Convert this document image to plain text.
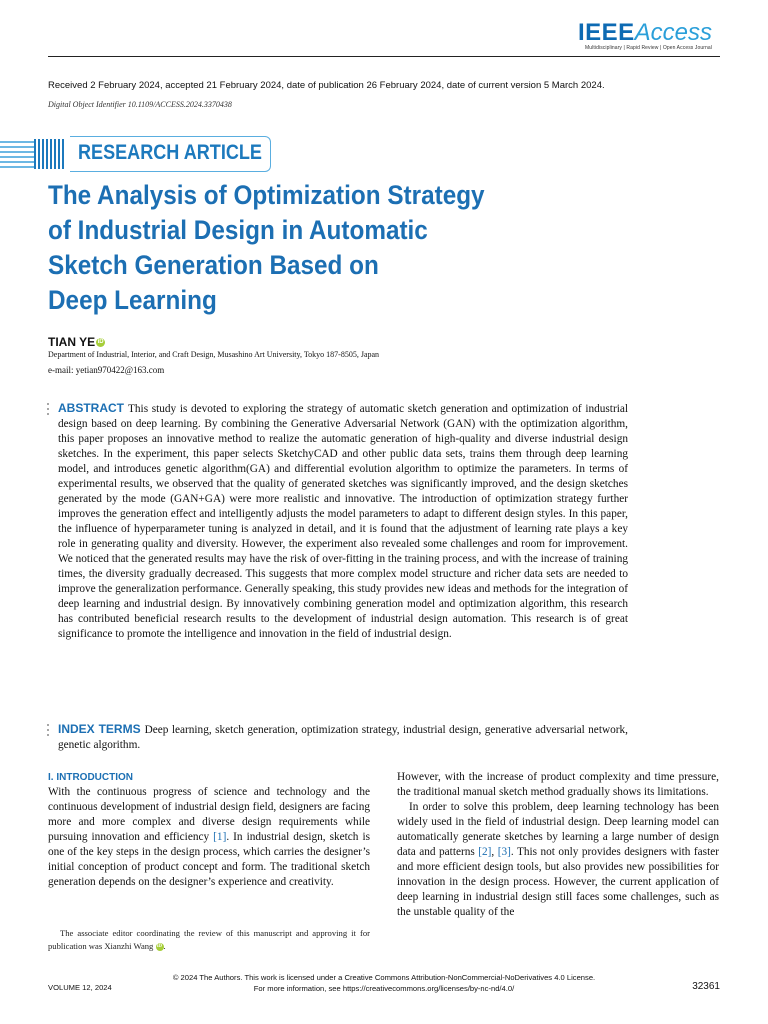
IEEEAccess
Multidisciplinary | Rapid Review | Open Access Journal
Received 2 February 2024, accepted 21 February 2024, date of publication 26 February 2024, date of current version 5 March 2024.
Digital Object Identifier 10.1109/ACCESS.2024.3370438
RESEARCH ARTICLE
The Analysis of Optimization Strategy
of Industrial Design in Automatic
Sketch Generation Based on
Deep Learning
TIAN YE iD
Department of Industrial, Interior, and Craft Design, Musashino Art University, Tokyo 187-8505, Japan
e-mail: yetian970422@163.com
ABSTRACT This study is devoted to exploring the strategy of automatic sketch generation and optimization of industrial design based on deep learning. By combining the Generative Adversarial Network (GAN) with the optimization algorithm, this paper proposes an innovative method to realize the automatic generation of high-quality and diverse industrial design sketches. In the experiment, this paper selects SketchyCAD and other public data sets, trains them through deep learning model, and introduces genetic algorithm(GA) and differential evolution algorithm to optimize the parameters. In terms of experimental results, we observed that the quality of generated sketches was significantly improved, and the design sketches generated by the mode (GAN+GA) were more realistic and innovative. The introduction of optimization strategy further improves the generation effect and intelligently adjusts the model parameters to adapt to different design styles. In this paper, the influence of hyperparameter tuning is analyzed in detail, and it is found that the adjustment of learning rate plays a key role in generating quality and diversity. However, the experiment also revealed some challenges and room for improvement. We noticed that the generated results may have the risk of over-fitting in the training process, and with the increase of training times, the diversity gradually decreased. This suggests that more complex model structure and richer data sets are needed to improve the generalization performance. Generally speaking, this study provides new ideas and methods for the integration of deep learning and industrial design. By innovatively combining generation model and optimization algorithm, this research has contributed beneficial research results to the development of industrial design automation. This research is of great significance to promote the intelligence and innovation in the field of industrial design.
INDEX TERMS Deep learning, sketch generation, optimization strategy, industrial design, generative adversarial network, genetic algorithm.
I. INTRODUCTION
With the continuous progress of science and technology and the continuous development of industrial design field, designers are facing more and more complex and diverse design requirements while pursuing innovation and efficiency [1]. In industrial design, sketch is one of the key steps in the design process, which carries the designer’s initial conception of product concept and form. The traditional sketch generation depends on the designer’s experience and creativity.
However, with the increase of product complexity and time pressure, the traditional manual sketch method gradually shows its limitations.
In order to solve this problem, deep learning technology has been widely used in the field of industrial design. Deep learning model can automatically generate sketches by learning a large number of design data and patterns [2], [3]. This not only provides designers with faster and more efficient design tools, but also provides new possibilities for innovation in the design process. However, the current application of deep learning in industrial design still faces some challenges, such as the unstable quality of the
The associate editor coordinating the review of this manuscript and approving it for publication was Xianzhi Wang iD .
© 2024 The Authors. This work is licensed under a Creative Commons Attribution-NonCommercial-NoDerivatives 4.0 License.
For more information, see https://creativecommons.org/licenses/by-nc-nd/4.0/
VOLUME 12, 2024	32361
